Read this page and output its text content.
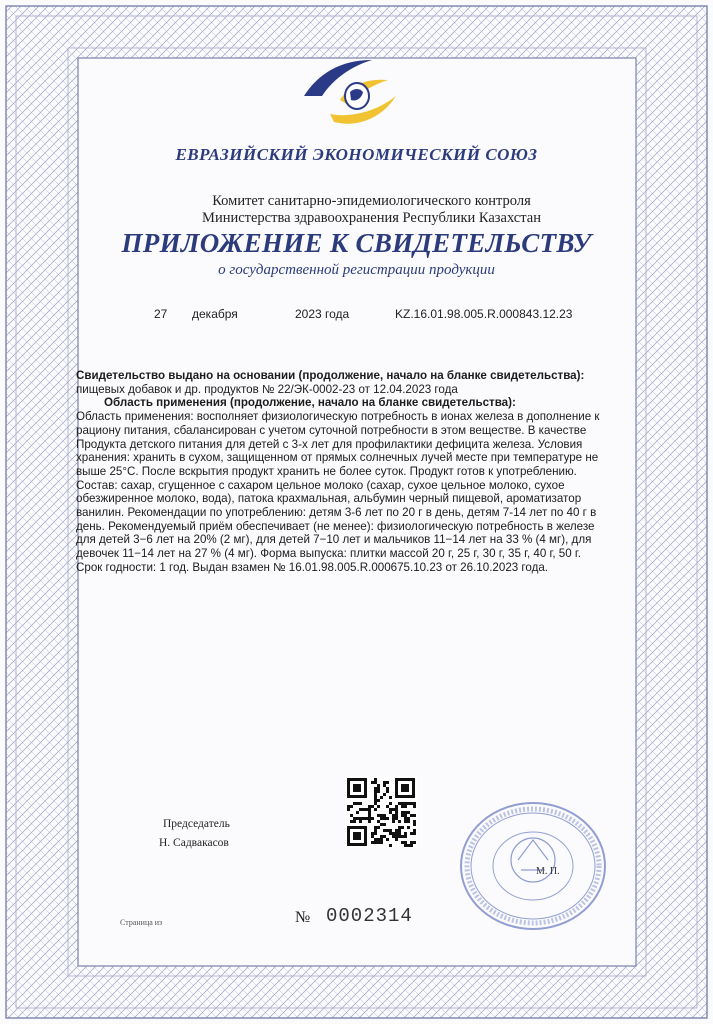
ЕВРАЗИЙСКИЙ ЭКОНОМИЧЕСКИЙ СОЮЗ
Комитет санитарно-эпидемиологического контроля
Министерства здравоохранения Республики Казахстан
ПРИЛОЖЕНИЕ К СВИДЕТЕЛЬСТВУ
о государственной регистрации продукции
27 декабря	2023 года	KZ.16.01.98.005.R.000843.12.23

Свидетельство выдано на основании (продолжение, начало на бланке свидетельства):

пищевых добавок и др. продуктов № 22/ЭК-0002-23 от 12.04.2023 года

Область применения (продолжение, начало на бланке свидетельства):

Область применения: восполняет физиологическую потребность в ионах железа в дополнение к

рациону питания, сбалансирован с учетом суточной потребности в этом веществе. В качестве

Продукта детского питания для детей с 3-х лет для профилактики дефицита железа. Условия

хранения: хранить в сухом, защищенном от прямых солнечных лучей месте при температуре не

выше 25°С. После вскрытия продукт хранить не более суток. Продукт готов к употреблению.

Состав: сахар, сгущенное с сахаром цельное молоко (сахар, сухое цельное молоко, сухое

обезжиренное молоко, вода), патока крахмальная, альбумин черный пищевой, ароматизатор

ванилин. Рекомендации по употреблению: детям 3-6 лет по 20 г в день, детям 7-14 лет по 40 г в

день. Рекомендуемый приём обеспечивает (не менее): физиологическую потребность в железе

для детей 3−6 лет на 20% (2 мг), для детей 7−10 лет и мальчиков 11−14 лет на 33 % (4 мг), для

девочек 11−14 лет на 27 % (4 мг). Форма выпуска: плитки массой 20 г, 25 г, 30 г, 35 г, 40 г, 50 г.

Срок годности: 1 год. Выдан взамен № 16.01.98.005.R.000675.10.23 от 26.10.2023 года.

Председатель
Н. Садвакасов
М. П.
Страница из	№ 0002314
